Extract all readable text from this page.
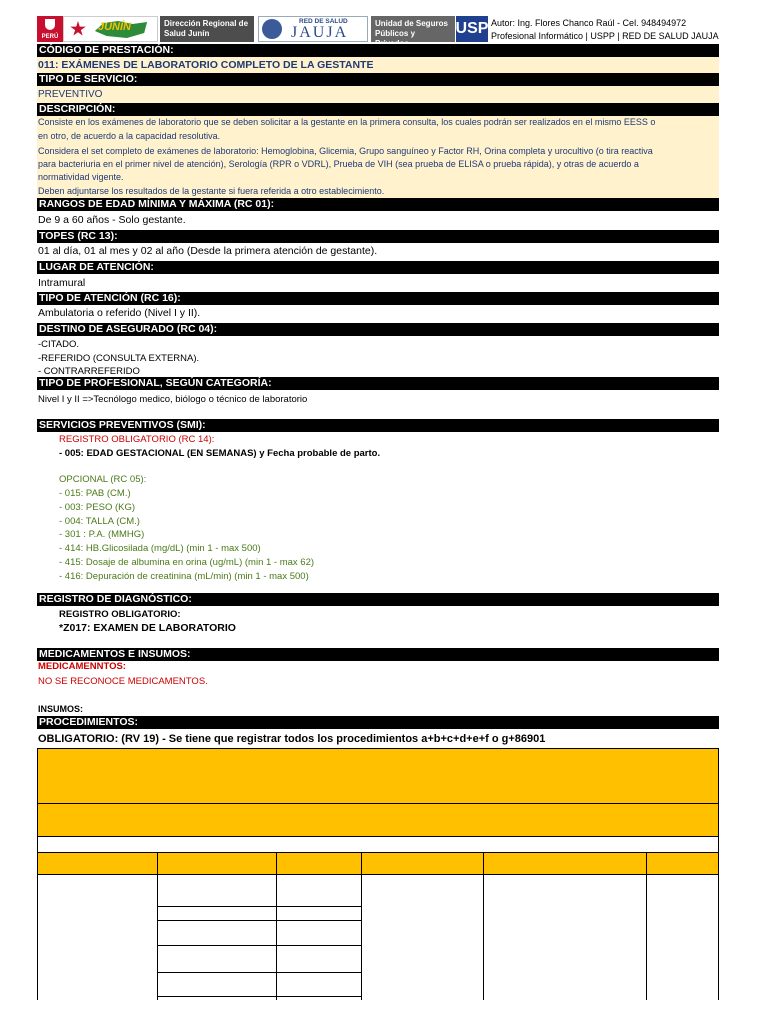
PERÚ
JUNÍN	Dirección Regional de Salud Junín
RED DE SALUD
JAUJA
Unidad de Seguros Públicos y	USP Autor: Ing. Flores Chanco Raúl - Cel. 948494972
Profesional Informático | USPP | RED DE SALUD JAUJA
CÓDIGO DE PRESTACIÓN:
011: EXÁMENES DE LABORATORIO COMPLETO DE LA GESTANTE
TIPO DE SERVICIO:
PREVENTIVO
DESCRIPCIÓN:
Consiste en los exámenes de laboratorio que se deben solicitar a la gestante en la primera consulta, los cuales podrán ser realizados en el mismo EESS o
en otro, de acuerdo a la capacidad resolutiva.
Considera el set completo de exámenes de laboratorio: Hemoglobina, Glicemia, Grupo sanguíneo y Factor RH, Orina completa y urocultivo (o tira reactiva
para bacteriuria en el primer nivel de atención), Serología (RPR o VDRL), Prueba de VIH (sea prueba de ELISA o prueba rápida), y otras de acuerdo a
normatividad vigente.
Deben adjuntarse los resultados de la gestante si fuera referida a otro establecimiento.
RANGOS DE EDAD MÍNIMA Y MÁXIMA (RC 01):
De 9 a 60 años - Solo gestante.
TOPES (RC 13):
01 al día, 01 al mes y 02 al año (Desde la primera atención de gestante).
LUGAR DE ATENCIÓN:
Intramural
TIPO DE ATENCIÓN (RC 16):
Ambulatoria o referido (Nivel I y II).
DESTINO DE ASEGURADO (RC 04):
-CITADO.
-REFERIDO (CONSULTA EXTERNA).
- CONTRARREFERIDO
TIPO DE PROFESIONAL, SEGÚN CATEGORÍA:
Nivel I y II =>Tecnólogo medico, biólogo o técnico de laboratorio
SERVICIOS PREVENTIVOS (SMI):
REGISTRO OBLIGATORIO (RC 14):
- 005: EDAD GESTACIONAL (EN SEMANAS) y Fecha probable de parto.
OPCIONAL (RC 05):
- 015: PAB (CM.)
- 003: PESO (KG)
- 004: TALLA (CM.)
- 301 : P.A. (MMHG)
- 414: HB.Glicosilada (mg/dL) (min 1 - max 500)
- 415: Dosaje de albumina en orina (ug/mL) (min 1 - max 62)
- 416: Depuración de creatinina (mL/min) (min 1 - max 500)
REGISTRO DE DIAGNÓSTICO:
REGISTRO OBLIGATORIO:
*Z017: EXAMEN DE LABORATORIO
MEDICAMENTOS E INSUMOS:
MEDICAMENNTOS:
NO SE RECONOCE MEDICAMENTOS.
INSUMOS:
PROCEDIMIENTOS:
OBLIGATORIO: (RV 19) - Se tiene que registrar todos los procedimientos a+b+c+d+e+f o g+86901
